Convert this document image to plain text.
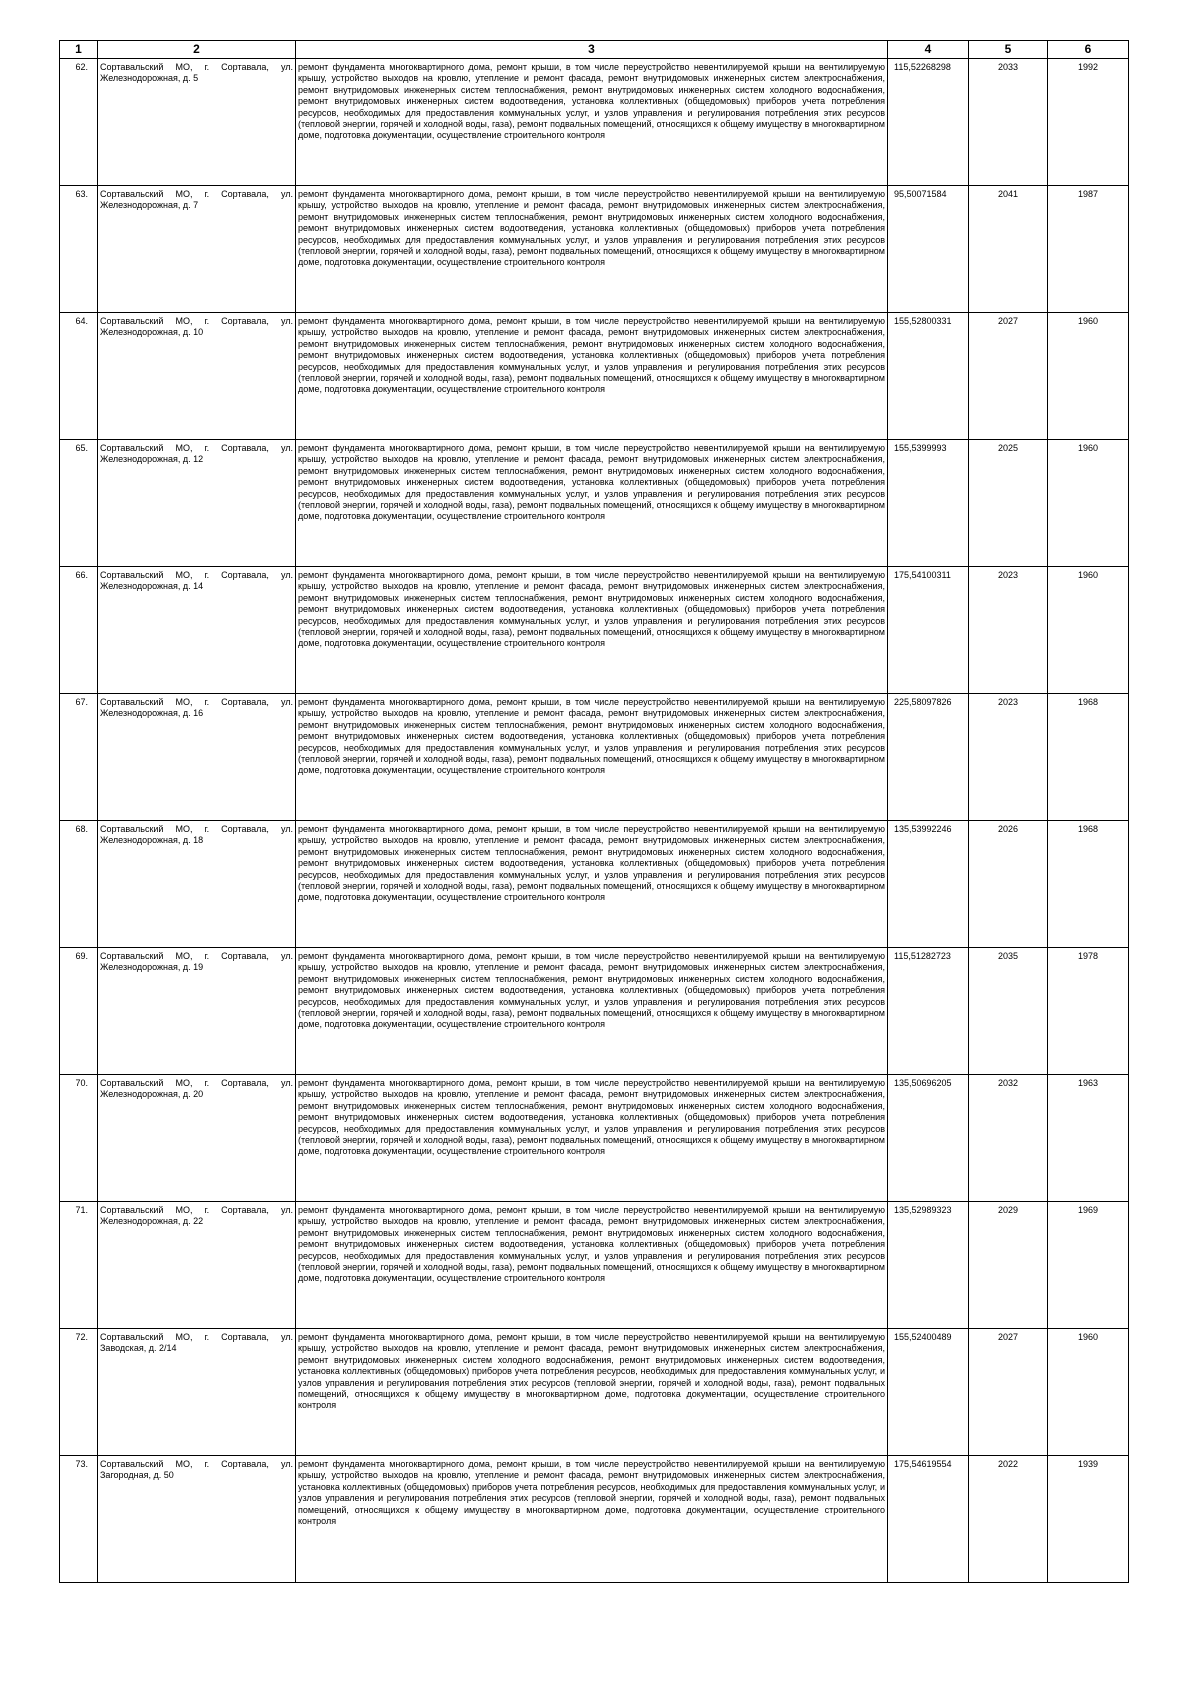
1	2	3	4	5	6
62.	Сортавальский МО, г. Сортавала, ул. Железнодорожная, д. 5	ремонт фундамента многоквартирного дома, ремонт крыши, в том числе переустройство невентилируемой крыши на вентилируемую крышу, устройство выходов на кровлю, утепление и ремонт фасада, ремонт внутридомовых инженерных систем электроснабжения, ремонт внутридомовых инженерных систем теплоснабжения, ремонт внутридомовых инженерных систем холодного водоснабжения, ремонт внутридомовых инженерных систем водоотведения, установка коллективных (общедомовых) приборов учета потребления ресурсов, необходимых для предоставления коммунальных услуг, и узлов управления и регулирования потребления этих ресурсов (тепловой энергии, горячей и холодной воды, газа), ремонт подвальных помещений, относящихся к общему имуществу в многоквартирном доме, подготовка документации, осуществление строительного контроля	115,52268298	2033	1992
63.	Сортавальский МО, г. Сортавала, ул. Железнодорожная, д. 7	ремонт фундамента многоквартирного дома, ремонт крыши, в том числе переустройство невентилируемой крыши на вентилируемую крышу, устройство выходов на кровлю, утепление и ремонт фасада, ремонт внутридомовых инженерных систем электроснабжения, ремонт внутридомовых инженерных систем теплоснабжения, ремонт внутридомовых инженерных систем холодного водоснабжения, ремонт внутридомовых инженерных систем водоотведения, установка коллективных (общедомовых) приборов учета потребления ресурсов, необходимых для предоставления коммунальных услуг, и узлов управления и регулирования потребления этих ресурсов (тепловой энергии, горячей и холодной воды, газа), ремонт подвальных помещений, относящихся к общему имуществу в многоквартирном доме, подготовка документации, осуществление строительного контроля	95,50071584	2041	1987
64.	Сортавальский МО, г. Сортавала, ул. Железнодорожная, д. 10	ремонт фундамента многоквартирного дома, ремонт крыши, в том числе переустройство невентилируемой крыши на вентилируемую крышу, устройство выходов на кровлю, утепление и ремонт фасада, ремонт внутридомовых инженерных систем электроснабжения, ремонт внутридомовых инженерных систем теплоснабжения, ремонт внутридомовых инженерных систем холодного водоснабжения, ремонт внутридомовых инженерных систем водоотведения, установка коллективных (общедомовых) приборов учета потребления ресурсов, необходимых для предоставления коммунальных услуг, и узлов управления и регулирования потребления этих ресурсов (тепловой энергии, горячей и холодной воды, газа), ремонт подвальных помещений, относящихся к общему имуществу в многоквартирном доме, подготовка документации, осуществление строительного контроля	155,52800331	2027	1960
65.	Сортавальский МО, г. Сортавала, ул. Железнодорожная, д. 12	ремонт фундамента многоквартирного дома, ремонт крыши, в том числе переустройство невентилируемой крыши на вентилируемую крышу, устройство выходов на кровлю, утепление и ремонт фасада, ремонт внутридомовых инженерных систем электроснабжения, ремонт внутридомовых инженерных систем теплоснабжения, ремонт внутридомовых инженерных систем холодного водоснабжения, ремонт внутридомовых инженерных систем водоотведения, установка коллективных (общедомовых) приборов учета потребления ресурсов, необходимых для предоставления коммунальных услуг, и узлов управления и регулирования потребления этих ресурсов (тепловой энергии, горячей и холодной воды, газа), ремонт подвальных помещений, относящихся к общему имуществу в многоквартирном доме, подготовка документации, осуществление строительного контроля	155,5399993	2025	1960
66.	Сортавальский МО, г. Сортавала, ул. Железнодорожная, д. 14	ремонт фундамента многоквартирного дома, ремонт крыши, в том числе переустройство невентилируемой крыши на вентилируемую крышу, устройство выходов на кровлю, утепление и ремонт фасада, ремонт внутридомовых инженерных систем электроснабжения, ремонт внутридомовых инженерных систем теплоснабжения, ремонт внутридомовых инженерных систем холодного водоснабжения, ремонт внутридомовых инженерных систем водоотведения, установка коллективных (общедомовых) приборов учета потребления ресурсов, необходимых для предоставления коммунальных услуг, и узлов управления и регулирования потребления этих ресурсов (тепловой энергии, горячей и холодной воды, газа), ремонт подвальных помещений, относящихся к общему имуществу в многоквартирном доме, подготовка документации, осуществление строительного контроля	175,54100311	2023	1960
67.	Сортавальский МО, г. Сортавала, ул. Железнодорожная, д. 16	ремонт фундамента многоквартирного дома, ремонт крыши, в том числе переустройство невентилируемой крыши на вентилируемую крышу, устройство выходов на кровлю, утепление и ремонт фасада, ремонт внутридомовых инженерных систем электроснабжения, ремонт внутридомовых инженерных систем теплоснабжения, ремонт внутридомовых инженерных систем холодного водоснабжения, ремонт внутридомовых инженерных систем водоотведения, установка коллективных (общедомовых) приборов учета потребления ресурсов, необходимых для предоставления коммунальных услуг, и узлов управления и регулирования потребления этих ресурсов (тепловой энергии, горячей и холодной воды, газа), ремонт подвальных помещений, относящихся к общему имуществу в многоквартирном доме, подготовка документации, осуществление строительного контроля	225,58097826	2023	1968
68.	Сортавальский МО, г. Сортавала, ул. Железнодорожная, д. 18	ремонт фундамента многоквартирного дома, ремонт крыши, в том числе переустройство невентилируемой крыши на вентилируемую крышу, устройство выходов на кровлю, утепление и ремонт фасада, ремонт внутридомовых инженерных систем электроснабжения, ремонт внутридомовых инженерных систем теплоснабжения, ремонт внутридомовых инженерных систем холодного водоснабжения, ремонт внутридомовых инженерных систем водоотведения, установка коллективных (общедомовых) приборов учета потребления ресурсов, необходимых для предоставления коммунальных услуг, и узлов управления и регулирования потребления этих ресурсов (тепловой энергии, горячей и холодной воды, газа), ремонт подвальных помещений, относящихся к общему имуществу в многоквартирном доме, подготовка документации, осуществление строительного контроля	135,53992246	2026	1968
69.	Сортавальский МО, г. Сортавала, ул. Железнодорожная, д. 19	ремонт фундамента многоквартирного дома, ремонт крыши, в том числе переустройство невентилируемой крыши на вентилируемую крышу, устройство выходов на кровлю, утепление и ремонт фасада, ремонт внутридомовых инженерных систем электроснабжения, ремонт внутридомовых инженерных систем теплоснабжения, ремонт внутридомовых инженерных систем холодного водоснабжения, ремонт внутридомовых инженерных систем водоотведения, установка коллективных (общедомовых) приборов учета потребления ресурсов, необходимых для предоставления коммунальных услуг, и узлов управления и регулирования потребления этих ресурсов (тепловой энергии, горячей и холодной воды, газа), ремонт подвальных помещений, относящихся к общему имуществу в многоквартирном доме, подготовка документации, осуществление строительного контроля	115,51282723	2035	1978
70.	Сортавальский МО, г. Сортавала, ул. Железнодорожная, д. 20	ремонт фундамента многоквартирного дома, ремонт крыши, в том числе переустройство невентилируемой крыши на вентилируемую крышу, устройство выходов на кровлю, утепление и ремонт фасада, ремонт внутридомовых инженерных систем электроснабжения, ремонт внутридомовых инженерных систем теплоснабжения, ремонт внутридомовых инженерных систем холодного водоснабжения, ремонт внутридомовых инженерных систем водоотведения, установка коллективных (общедомовых) приборов учета потребления ресурсов, необходимых для предоставления коммунальных услуг, и узлов управления и регулирования потребления этих ресурсов (тепловой энергии, горячей и холодной воды, газа), ремонт подвальных помещений, относящихся к общему имуществу в многоквартирном доме, подготовка документации, осуществление строительного контроля	135,50696205	2032	1963
71.	Сортавальский МО, г. Сортавала, ул. Железнодорожная, д. 22	ремонт фундамента многоквартирного дома, ремонт крыши, в том числе переустройство невентилируемой крыши на вентилируемую крышу, устройство выходов на кровлю, утепление и ремонт фасада, ремонт внутридомовых инженерных систем электроснабжения, ремонт внутридомовых инженерных систем теплоснабжения, ремонт внутридомовых инженерных систем холодного водоснабжения, ремонт внутридомовых инженерных систем водоотведения, установка коллективных (общедомовых) приборов учета потребления ресурсов, необходимых для предоставления коммунальных услуг, и узлов управления и регулирования потребления этих ресурсов (тепловой энергии, горячей и холодной воды, газа), ремонт подвальных помещений, относящихся к общему имуществу в многоквартирном доме, подготовка документации, осуществление строительного контроля	135,52989323	2029	1969
72.	Сортавальский МО, г. Сортавала, ул. Заводская, д. 2/14	ремонт фундамента многоквартирного дома, ремонт крыши, в том числе переустройство невентилируемой крыши на вентилируемую крышу, устройство выходов на кровлю, утепление и ремонт фасада, ремонт внутридомовых инженерных систем электроснабжения, ремонт внутридомовых инженерных систем холодного водоснабжения, ремонт внутридомовых инженерных систем водоотведения, установка коллективных (общедомовых) приборов учета потребления ресурсов, необходимых для предоставления коммунальных услуг, и узлов управления и регулирования потребления этих ресурсов (тепловой энергии, горячей и холодной воды, газа), ремонт подвальных помещений, относящихся к общему имуществу в многоквартирном доме, подготовка документации, осуществление строительного контроля	155,52400489	2027	1960
73.	Сортавальский МО, г. Сортавала, ул. Загородная, д. 50	ремонт фундамента многоквартирного дома, ремонт крыши, в том числе переустройство невентилируемой крыши на вентилируемую крышу, устройство выходов на кровлю, утепление и ремонт фасада, ремонт внутридомовых инженерных систем электроснабжения, установка коллективных (общедомовых) приборов учета потребления ресурсов, необходимых для предоставления коммунальных услуг, и узлов управления и регулирования потребления этих ресурсов (тепловой энергии, горячей и холодной воды, газа), ремонт подвальных помещений, относящихся к общему имуществу в многоквартирном доме, подготовка документации, осуществление строительного контроля	175,54619554	2022	1939
